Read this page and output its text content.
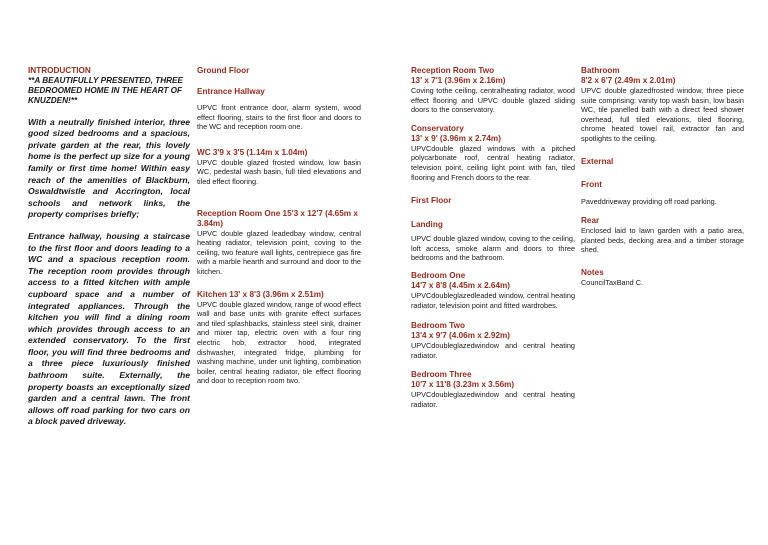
INTRODUCTION

**A BEAUTIFULLY PRESENTED, THREE BEDROOMED HOME IN THE HEART OF KNUZDEN!**

With a neutrally finished interior, three good sized bedrooms and a spacious, private garden at the rear, this lovely home is the perfect up size for a young family or first time home! Within easy reach of the amenities of Blackburn, Oswaldtwistle and Accrington, local schools and network links, the property comprises briefly;

Entrance hallway, housing a staircase to the first floor and doors leading to a WC and a spacious reception room. The reception room provides through access to a fitted kitchen with ample cupboard space and a number of integrated appliances. Through the kitchen you will find a dining room which provides through access to an extended conservatory. To the first floor, you will find three bedrooms and a three piece luxuriously finished bathroom suite. Externally, the property boasts an exceptionally sized garden and a central lawn. The front allows off road parking for two cars on a block paved driveway.

Ground Floor

Entrance Hallway

UPVC front entrance door, alarm system, wood effect flooring, stairs to the first floor and doors to the WC and reception room one.

WC 3'9 x 3'5 (1.14m x 1.04m)

UPVC double glazed frosted window, low basin WC, pedestal wash basin, full tiled elevations and tiled effect flooring.

Reception Room One 15'3 x 12'7 (4.65m x 3.84m)

UPVC double glazed leadedbay window, central heating radiator, television point, coving to the ceiling, two feature wall lights, centrepiece gas fire with a marble hearth and surround and door to the kitchen.

Kitchen 13' x 8'3 (3.96m x 2.51m)

UPVC double glazed window, range of wood effect wall and base units with granite effect surfaces and tiled splashbacks, stainless steel sink, drainer and mixer tap, electric oven with a four ring electric hob, extractor hood, integrated dishwasher, integrated fridge, plumbing for washing machine, under unit lighting, combination boiler, central heating radiator, tile effect flooring and door to reception room two.

Reception Room Two

13' x 7'1 (3.96m x 2.16m)

Coving tothe ceiling, centralheating radiator, wood effect flooring and UPVC double glazed sliding doors to the conservatory.

Conservatory

13' x 9' (3.96m x 2.74m)

UPVCdouble glazed windows with a pitched polycarbonate roof, central heating radiator, television point, ceiling light point with fan, tiled flooring and French doors to the rear.

First Floor

Landing

UPVC double glazed window, coving to the ceiling, loft access, smoke alarm and doors to three bedrooms and the bathroom.

Bedroom One

14'7 x 8'8 (4.45m x 2.64m)

UPVCdoubleglazedleaded window, central heating radiator, television point and fitted wardrobes.

Bedroom Two

13'4 x 9'7 (4.06m x 2.92m)

UPVCdoubleglazedwindow and central heating radiator.

Bedroom Three

10'7 x 11'8 (3.23m x 3.56m)

UPVCdoubleglazedwindow and central heating radiator.

Bathroom

8'2 x 6'7 (2.49m x 2.01m)

UPVC double glazedfrosted window, three piece suite comprising: vanity top wash basin, low basin WC, tile panelled bath with a direct feed shower overhead, full tiled elevations, tiled flooring, chrome heated towel rail, extractor fan and spotlights to the ceiling.

External

Front

Paveddriveway providing off road parking.

Rear

Enclosed laid to lawn garden with a patio area, planted beds, decking area and a timber storage shed.

Notes

CouncilTaxBand C.
